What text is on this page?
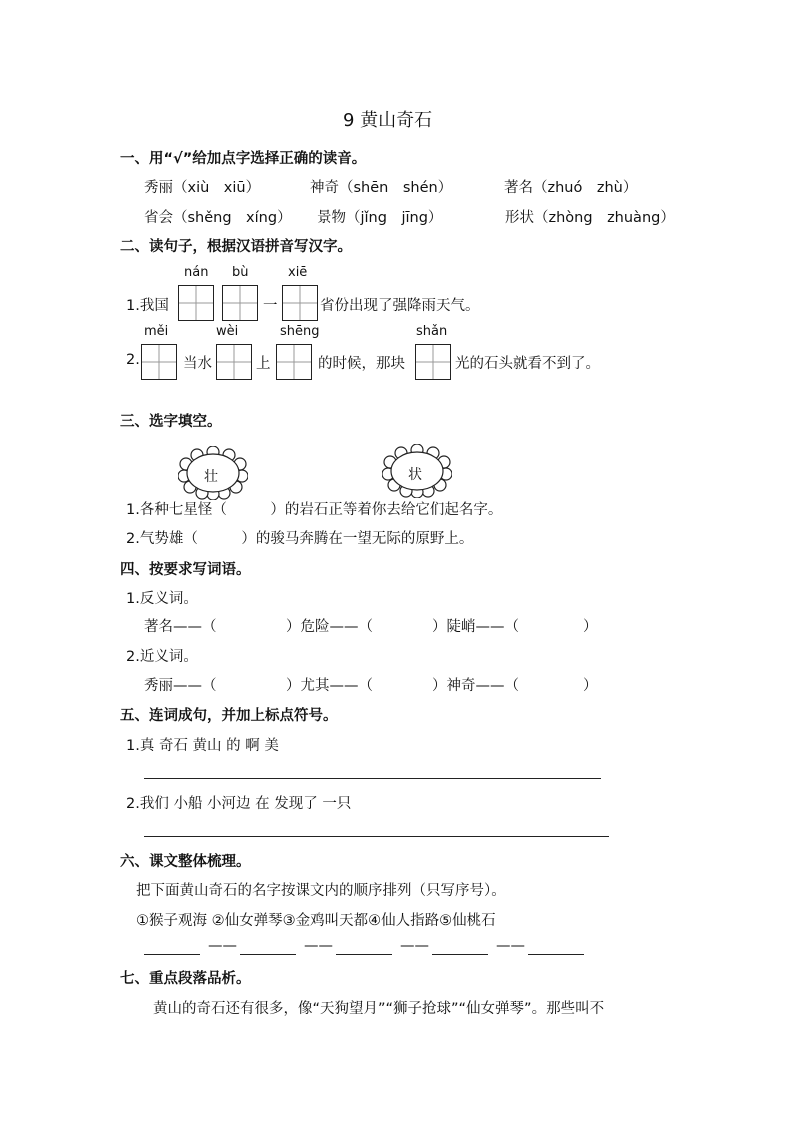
9 黄山奇石
一、用“√”给加点字选择正确的读音。
秀丽（xiù　xiū）	神奇（shēn　shén）	著名（zhuó　zhù）
省会（shěng　xíng） 景物（jǐng　jīng）	形状（zhòng　zhuàng）
二、读句子，根据汉语拼音写汉字。
nán bù	xiē
1.我国	一	省份出现了强降雨天气。
měi	wèi	shēng	shǎn
2.	当水	上	的时候，那块	光的石头就看不到了。
三、选字填空。
壮	状
1.各种七星怪（　　　）的岩石正等着你去给它们起名字。
2.气势雄（　　　）的骏马奔腾在一望无际的原野上。
四、按要求写词语。
1.反义词。
著名——（	）危险——（	）陡峭——（	）
2.近义词。
秀丽——（	）尤其——（	）神奇——（	）
五、连词成句，并加上标点符号。
1.真 奇石 黄山 的 啊 美
2.我们 小船 小河边 在 发现了 一只
六、课文整体梳理。
把下面黄山奇石的名字按课文内的顺序排列（只写序号）。
①猴子观海 ②仙女弹琴③金鸡叫天都④仙人指路⑤仙桃石
——	——	——	——
七、重点段落品析。
黄山的奇石还有很多，像“天狗望月”“狮子抢球”“仙女弹琴”。那些叫不
